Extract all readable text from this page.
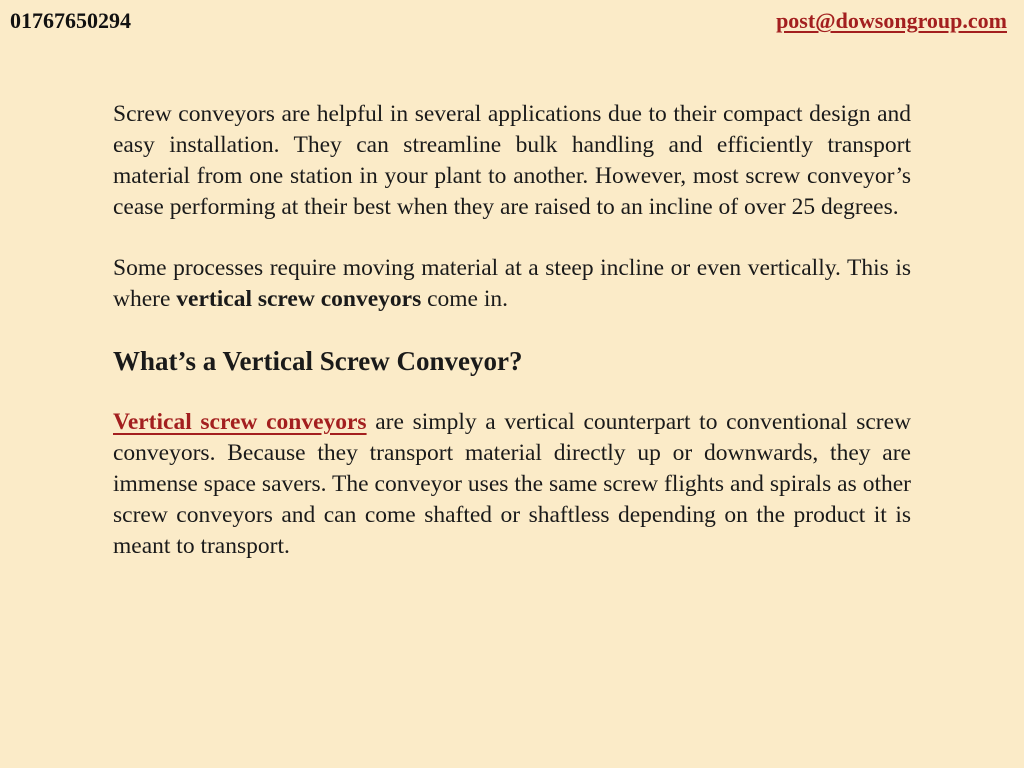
01767650294	post@dowsongroup.com

Screw conveyors are helpful in several applications due to their compact design and easy installation. They can streamline bulk handling and efficiently transport material from one station in your plant to another. However, most screw conveyor’s cease performing at their best when they are raised to an incline of over 25 degrees.

Some processes require moving material at a steep incline or even vertically. This is where vertical screw conveyors come in.

What’s a Vertical Screw Conveyor?

Vertical screw conveyors are simply a vertical counterpart to conventional screw conveyors. Because they transport material directly up or downwards, they are immense space savers. The conveyor uses the same screw flights and spirals as other screw conveyors and can come shafted or shaftless depending on the product it is meant to transport.
